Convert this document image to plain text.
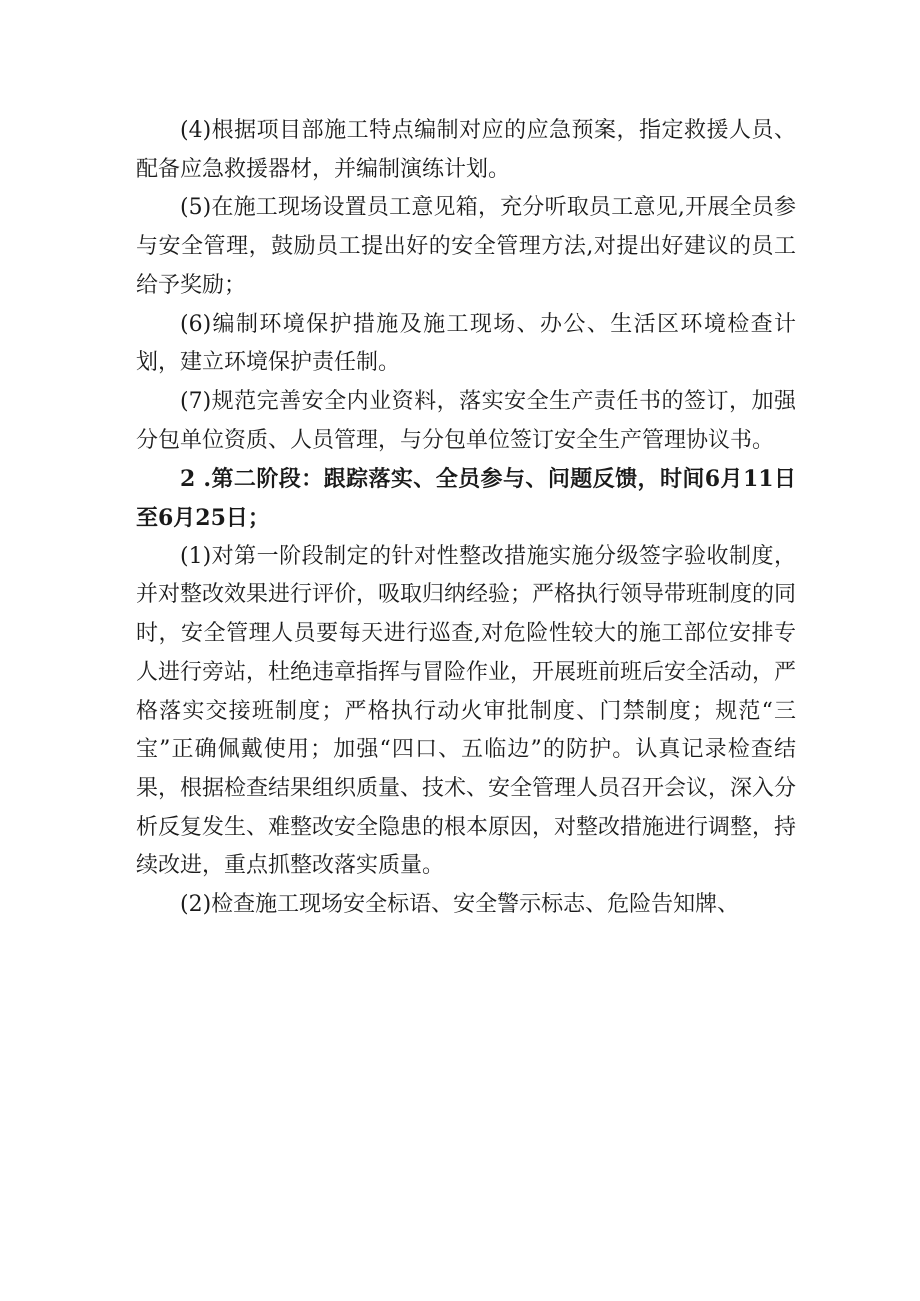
(4)根据项目部施工特点编制对应的应急预案，指定救援人员、配备应急救援器材，并编制演练计划。

(5)在施工现场设置员工意见箱，充分听取员工意见,开展全员参与安全管理，鼓励员工提出好的安全管理方法,对提出好建议的员工给予奖励；

(6)编制环境保护措施及施工现场、办公、生活区环境检查计划，建立环境保护责任制。

(7)规范完善安全内业资料，落实安全生产责任书的签订，加强分包单位资质、人员管理，与分包单位签订安全生产管理协议书。

2 .第二阶段：跟踪落实、全员参与、问题反馈，时间6月11日至6月25日；

(1)对第一阶段制定的针对性整改措施实施分级签字验收制度，并对整改效果进行评价，吸取归纳经验；严格执行领导带班制度的同时，安全管理人员要每天进行巡查,对危险性较大的施工部位安排专人进行旁站，杜绝违章指挥与冒险作业，开展班前班后安全活动，严格落实交接班制度；严格执行动火审批制度、门禁制度；规范“三宝”正确佩戴使用；加强“四口、五临边”的防护。认真记录检查结果，根据检查结果组织质量、技术、安全管理人员召开会议，深入分析反复发生、难整改安全隐患的根本原因，对整改措施进行调整，持续改进，重点抓整改落实质量。

(2)检查施工现场安全标语、安全警示标志、危险告知牌、
